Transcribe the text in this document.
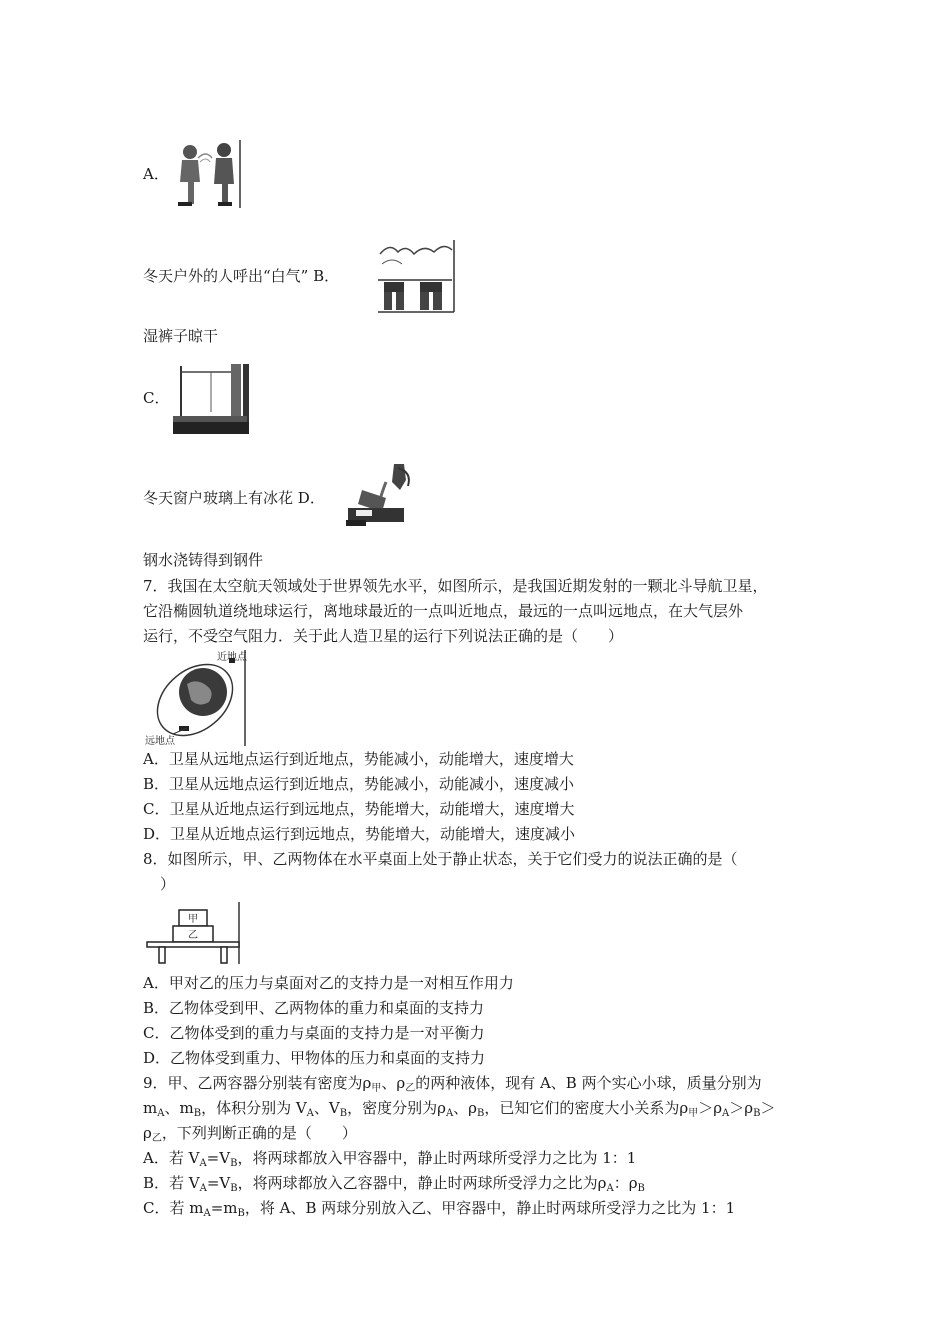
A．
冬天户外的人呼出“白气” B．
湿裤子晾干
C．
冬天窗户玻璃上有冰花 D．
钢水浇铸得到钢件
7．我国在太空航天领域处于世界领先水平，如图所示，是我国近期发射的一颗北斗导航卫星，
它沿椭圆轨道绕地球运行，离地球最近的一点叫近地点，最远的一点叫远地点，在大气层外
运行，不受空气阻力．关于此人造卫星的运行下列说法正确的是（　　）
近地点
远地点
A．卫星从远地点运行到近地点，势能减小，动能增大，速度增大
B．卫星从远地点运行到近地点，势能减小，动能减小，速度减小
C．卫星从近地点运行到远地点，势能增大，动能增大，速度增大
D．卫星从近地点运行到远地点，势能增大，动能增大，速度减小
8．如图所示，甲、乙两物体在水平桌面上处于静止状态，关于它们受力的说法正确的是（
）
甲
乙
A．甲对乙的压力与桌面对乙的支持力是一对相互作用力
B．乙物体受到甲、乙两物体的重力和桌面的支持力
C．乙物体受到的重力与桌面的支持力是一对平衡力
D．乙物体受到重力、甲物体的压力和桌面的支持力
9．甲、乙两容器分别装有密度为$\rho_甲$、$\rho_乙$的两种液体，现有 A、B 两个实心小球，质量分别为
$m_A$、$m_B$，体积分别为 $V_A$、$V_B$，密度分别为$\rho_A$、$\rho_B$，已知它们的密度大小关系为$\rho_甲>\rho_A>\rho_B>$
$\rho_乙$，下列判断正确的是（　　）
A．若 $V_A=V_B$，将两球都放入甲容器中，静止时两球所受浮力之比为 1：1
B．若 $V_A=V_B$，将两球都放入乙容器中，静止时两球所受浮力之比为$\rho_A$：$\rho_B$
C．若 $m_A=m_B$，将 A、B 两球分别放入乙、甲容器中，静止时两球所受浮力之比为 1：1
